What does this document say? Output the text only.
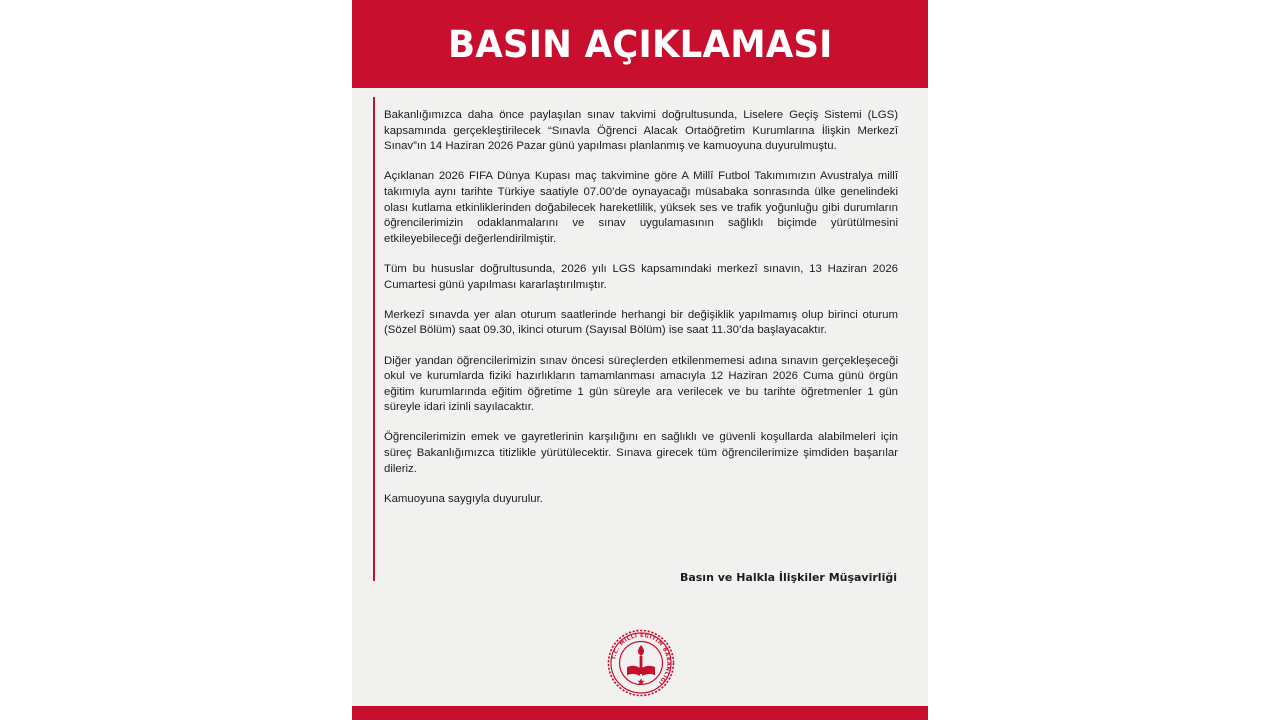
BASIN AÇIKLAMASI

Bakanlığımızca daha önce paylaşılan sınav takvimi doğrultusunda, Liselere Geçiş Sistemi (LGS) kapsamında gerçekleştirilecek “Sınavla Öğrenci Alacak Ortaöğretim Kurumlarına İlişkin Merkezî Sınav”ın 14 Haziran 2026 Pazar günü yapılması planlanmış ve kamuoyuna duyurulmuştu.

Açıklanan 2026 FIFA Dünya Kupası maç takvimine göre A Millî Futbol Takımımızın Avustralya millî takımıyla aynı tarihte Türkiye saatiyle 07.00’de oynayacağı müsabaka sonrasında ülke genelindeki olası kutlama etkinliklerinden doğabilecek hareketlilik, yüksek ses ve trafik yoğunluğu gibi durumların öğrencilerimizin odaklanmalarını ve sınav uygulamasının sağlıklı biçimde yürütülmesini etkileyebileceği değerlendirilmiştir.

Tüm bu hususlar doğrultusunda, 2026 yılı LGS kapsamındaki merkezî sınavın, 13 Haziran 2026 Cumartesi günü yapılması kararlaştırılmıştır.

Merkezî sınavda yer alan oturum saatlerinde herhangi bir değişiklik yapılmamış olup birinci oturum (Sözel Bölüm) saat 09.30, ikinci oturum (Sayısal Bölüm) ise saat 11.30’da başlayacaktır.

Diğer yandan öğrencilerimizin sınav öncesi süreçlerden etkilenmemesi adına sınavın gerçekleşeceği okul ve kurumlarda fiziki hazırlıkların tamamlanması amacıyla 12 Haziran 2026 Cuma günü örgün eğitim kurumlarında eğitim öğretime 1 gün süreyle ara verilecek ve bu tarihte öğretmenler 1 gün süreyle idari izinli sayılacaktır.

Öğrencilerimizin emek ve gayretlerinin karşılığını en sağlıklı ve güvenli koşullarda alabilmeleri için süreç Bakanlığımızca titizlikle yürütülecektir. Sınava girecek tüm öğrencilerimize şimdiden başarılar dileriz.

Kamuoyuna saygıyla duyurulur.

Basın ve Halkla İlişkiler Müşavirliği
T.C. MİLLÎ EĞİTİM BAKANLIĞI
